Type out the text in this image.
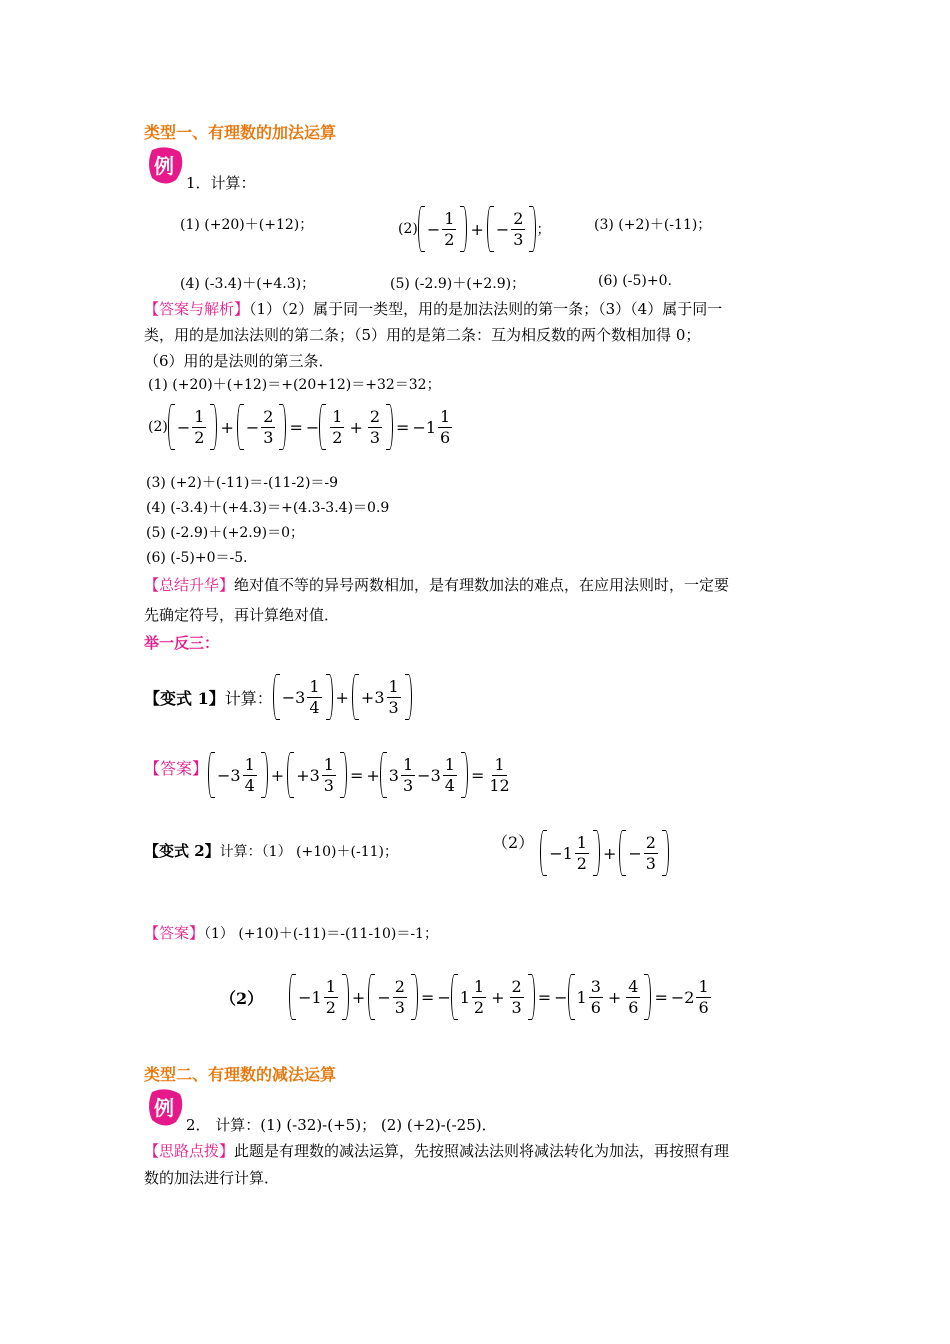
类型一、有理数的加法运算
例
1．计算：
(1) (+20)＋(+12)；	$(2) - \frac{1}{2}$ + − $\frac{2}{3}$ ；	(3) (+2)＋(-11)；
(4) (-3.4)＋(+4.3)；	(5) (-2.9)＋(+2.9)；	(6) (-5)+0.
【答案与解析】（1）（2）属于同一类型，用的是加法法则的第一条；（3）（4）属于同一
类，用的是加法法则的第二条；（5）用的是第二条：互为相反数的两个数相加得 0；
（6）用的是法则的第三条．
(1) (+20)＋(+12)＝+(20+12)＝+32＝32；
$(2) - \frac{1}{2}$ + − $\frac{2}{3}$ = − $\frac{1}{2} + \frac{2}{3} = -1 \frac{1}{6}$
(3) (+2)＋(-11)＝-(11-2)＝-9
(4) (-3.4)＋(+4.3)＝+(4.3-3.4)＝0.9
(5) (-2.9)＋(+2.9)＝0；
(6) (-5)+0＝-5．
【总结升华】绝对值不等的异号两数相加，是有理数加法的难点，在应用法则时，一定要
先确定符号，再计算绝对值．
举一反三：
【变式 1】 计算： $-3 \frac{1}{4} + +3 \frac{1}{3}$
【答案】 $-3 \frac{1}{4} + +3 \frac{1}{3}$ = + $3 \frac{1}{3} -3 \frac{1}{4} = \frac{1}{12}$
【变式 2】计算：（1） (+10)＋(-11)；	（2）
$-1 \frac{1}{2}$ + − $\frac{2}{3}$
【答案】（1） (+10)＋(-11)＝-(11-10)＝-1；
（2）	$-1 \frac{1}{2}$ + − $\frac{2}{3}$ = − $1 \frac{1}{2} + \frac{2}{3}$ = − $1 \frac{3}{6} + \frac{4}{6} = -2 \frac{1}{6}$
类型二、有理数的减法运算
例
2． 计算：(1) (-32)-(+5)； (2) (+2)-(-25)．
【思路点拨】此题是有理数的减法运算，先按照减法法则将减法转化为加法，再按照有理
数的加法进行计算．
